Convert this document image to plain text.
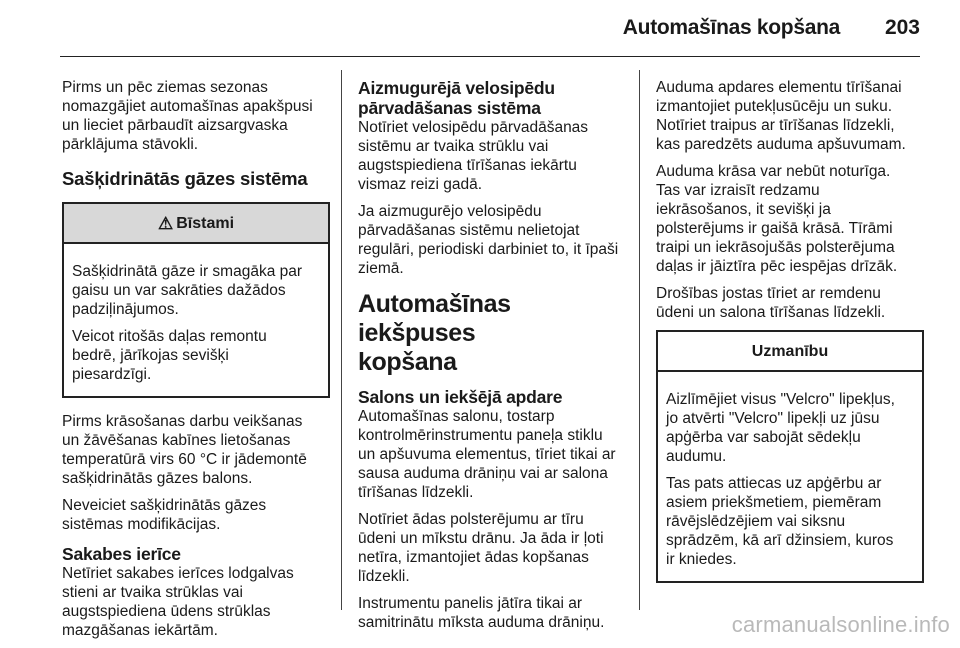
Automašīnas kopšana 203

Pirms un pēc ziemas sezonas
nomazgājiet automašīnas apakšpusi
un lieciet pārbaudīt aizsargvaska
pārklājuma stāvokli.

Sašķidrinātās gāzes sistēma
⚠ Bīstami

Sašķidrinātā gāze ir smagāka par
gaisu un var sakrāties dažādos
padziļinājumos.

Veicot ritošās daļas remontu
bedrē, jārīkojas sevišķi
piesardzīgi.

Pirms krāsošanas darbu veikšanas
un žāvēšanas kabīnes lietošanas
temperatūrā virs 60 °C ir jādemontē
sašķidrinātās gāzes balons.

Neveiciet sašķidrinātās gāzes
sistēmas modifikācijas.

Sakabes ierīce

Netīriet sakabes ierīces lodgalvas
stieni ar tvaika strūklas vai
augstspiediena ūdens strūklas
mazgāšanas iekārtām.

Aizmugurējā velosipēdu
pārvadāšanas sistēma

Notīriet velosipēdu pārvadāšanas
sistēmu ar tvaika strūklu vai
augstspiediena tīrīšanas iekārtu
vismaz reizi gadā.

Ja aizmugurējo velosipēdu
pārvadāšanas sistēmu nelietojat
regulāri, periodiski darbiniet to, it īpaši
ziemā.

Automašīnas iekšpuses
kopšana
Salons un iekšējā apdare

Automašīnas salonu, tostarp
kontrolmērinstrumentu paneļa stiklu
un apšuvuma elementus, tīriet tikai ar
sausa auduma drāniņu vai ar salona
tīrīšanas līdzekli.

Notīriet ādas polsterējumu ar tīru
ūdeni un mīkstu drānu. Ja āda ir ļoti
netīra, izmantojiet ādas kopšanas
līdzekli.

Instrumentu panelis jātīra tikai ar
samitrinātu mīksta auduma drāniņu.

Auduma apdares elementu tīrīšanai
izmantojiet putekļusūcēju un suku.
Notīriet traipus ar tīrīšanas līdzekli,
kas paredzēts auduma apšuvumam.

Auduma krāsa var nebūt noturīga.
Tas var izraisīt redzamu
iekrāsošanos, it sevišķi ja
polsterējums ir gaišā krāsā. Tīrāmi
traipi un iekrāsojušās polsterējuma
daļas ir jāiztīra pēc iespējas drīzāk.

Drošības jostas tīriet ar remdenu
ūdeni un salona tīrīšanas līdzekli.

Uzmanību

Aizlīmējiet visus "Velcro" lipekļus,
jo atvērti "Velcro" lipekļi uz jūsu
apģērba var sabojāt sēdekļu
audumu.

Tas pats attiecas uz apģērbu ar
asiem priekšmetiem, piemēram
rāvējslēdzējiem vai siksnu
sprādzēm, kā arī džinsiem, kuros
ir kniedes.

carmanualsonline.info
